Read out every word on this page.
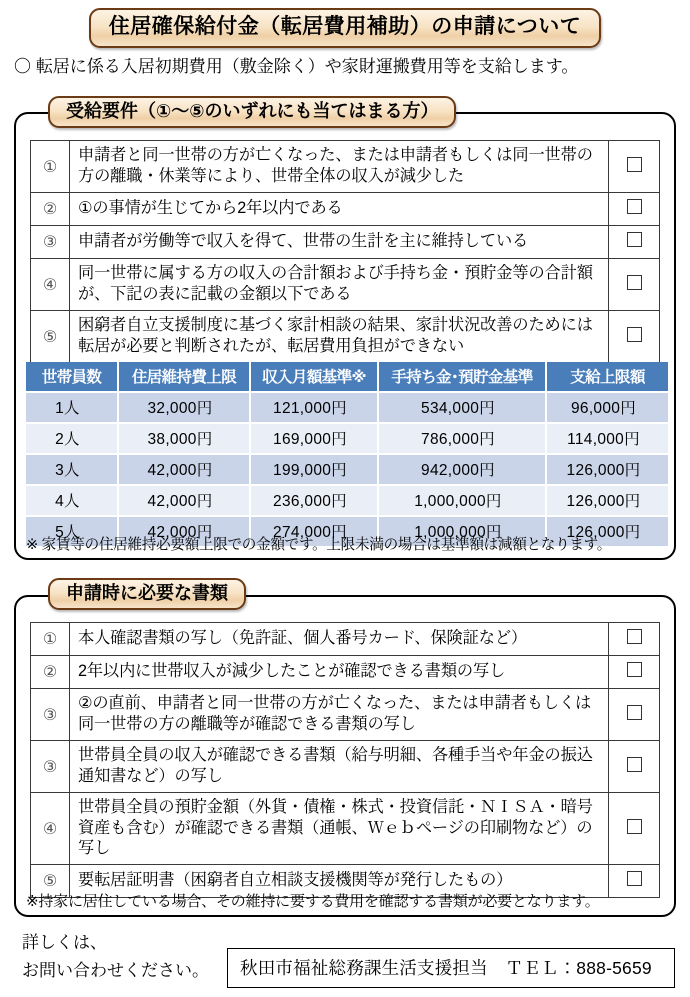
住居確保給付金（転居費用補助）の申請について
〇 転居に係る入居初期費用（敷金除く）や家財運搬費用等を支給します。
受給要件（①～⑤のいずれにも当てはまる方）
①	申請者と同一世帯の方が亡くなった、または申請者もしくは同一世帯の方の離職・休業等により、世帯全体の収入が減少した	
②	①の事情が生じてから2年以内である	
③	申請者が労働等で収入を得て、世帯の生計を主に維持している	
④	同一世帯に属する方の収入の合計額および手持ち金・預貯金等の合計額が、下記の表に記載の金額以下である	
⑤	困窮者自立支援制度に基づく家計相談の結果、家計状況改善のためには転居が必要と判断されたが、転居費用負担ができない	
世帯員数	住居維持費上限	収入月額基準※	手持ち金･預貯金基準	支給上限額
1人	32,000円	121,000円	534,000円	96,000円
2人	38,000円	169,000円	786,000円	114,000円
3人	42,000円	199,000円	942,000円	126,000円
4人	42,000円	236,000円	1,000,000円	126,000円
5人	42,000円	274,000円	1,000,000円	126,000円
※ 家賃等の住居維持必要額上限での金額です。上限未満の場合は基準額は減額となります。
申請時に必要な書類
①	本人確認書類の写し（免許証、個人番号カード、保険証など）	
②	2年以内に世帯収入が減少したことが確認できる書類の写し	
③	②の直前、申請者と同一世帯の方が亡くなった、または申請者もしくは同一世帯の方の離職等が確認できる書類の写し	
③	世帯員全員の収入が確認できる書類（給与明細、各種手当や年金の振込通知書など）の写し	
④	世帯員全員の預貯金額（外貨・債権・株式・投資信託・ＮＩＳＡ・暗号資産も含む）が確認できる書類（通帳、Ｗｅｂページの印刷物など）の写し	
⑤	要転居証明書（困窮者自立相談支援機関等が発行したもの）	
※持家に居住している場合、その維持に要する費用を確認する書類が必要となります。
詳しくは、
お問い合わせください。	秋田市福祉総務課生活支援担当　ＴＥＬ：888-5659
